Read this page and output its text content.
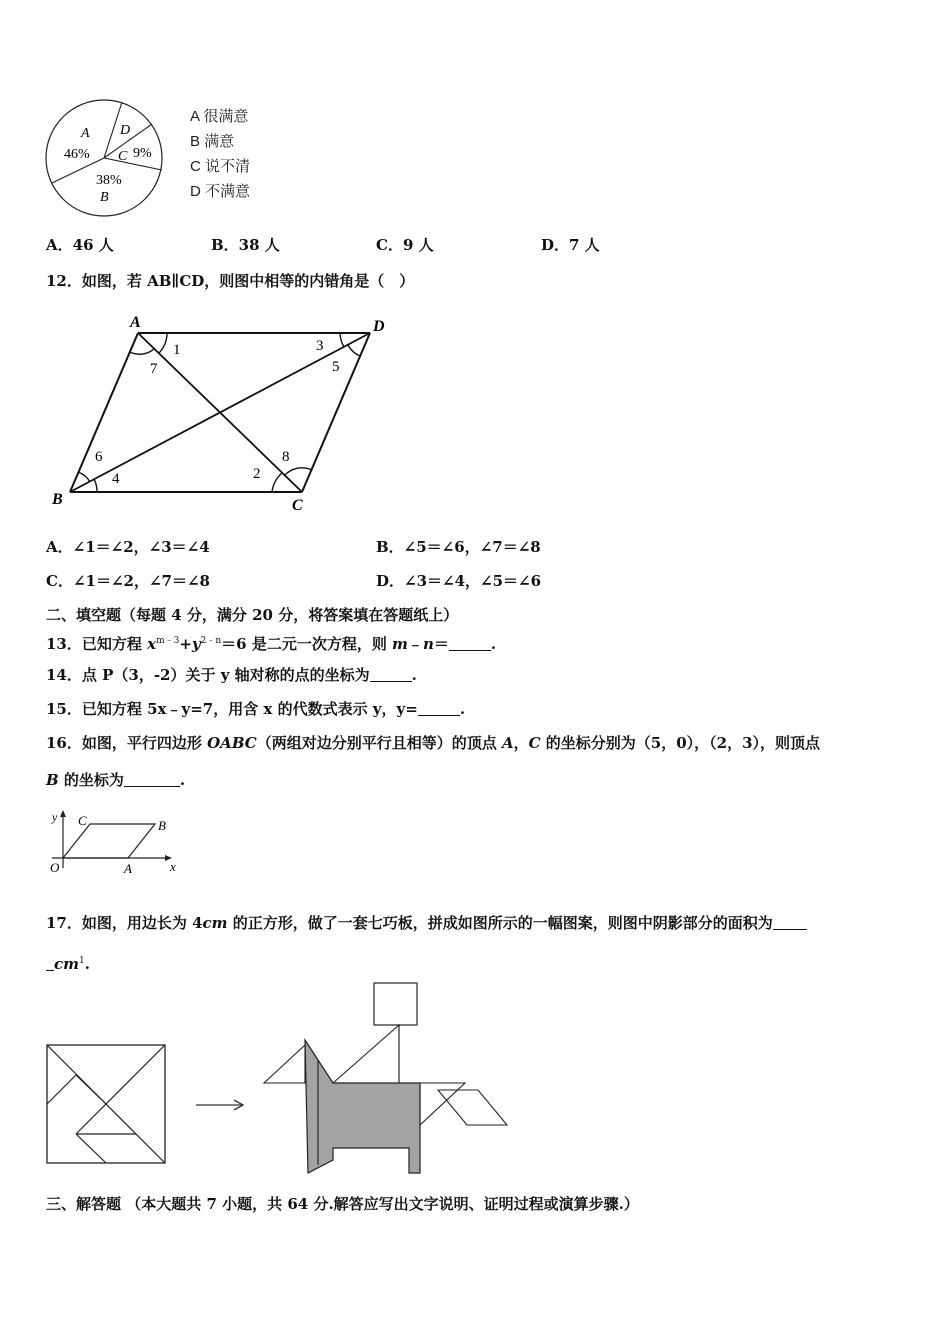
A
46%
D
C 9%
38%
B
A 很满意
B 满意
C 说不清
D 不满意
A．46 人	B．38 人	C．9 人	D．7 人
12．如图，若 AB∥CD，则图中相等的内错角是（　）
A	D
B	C
1
2
3
4
5
6
7
8
A．∠1＝∠2，∠3＝∠4	B．∠5＝∠6，∠7＝∠8
C．∠1＝∠2，∠7＝∠8	D．∠3＝∠4，∠5＝∠6
二、填空题（每题 4 分，满分 20 分，将答案填在答题纸上）
13．已知方程 $x^{m﹣3}+y^{2﹣n}=6$ 是二元一次方程，则 m﹣n＝	.
14．点 P（3，-2）关于 y 轴对称的点的坐标为	.
15．已知方程 5x﹣y=7，用含 x 的代数式表示 y，y=	.
16．如图，平行四边形 OABC（两组对边分别平行且相等）的顶点 A，C 的坐标分别为（5，0），（2，3），则顶点
B 的坐标为	.
y C	B
O	A	x
17．如图，用边长为 4cm 的正方形，做了一套七巧板，拼成如图所示的一幅图案，则图中阴影部分的面积为
$cm^1$.
三、解答题 （本大题共 7 小题，共 64 分.解答应写出文字说明、证明过程或演算步骤.）
